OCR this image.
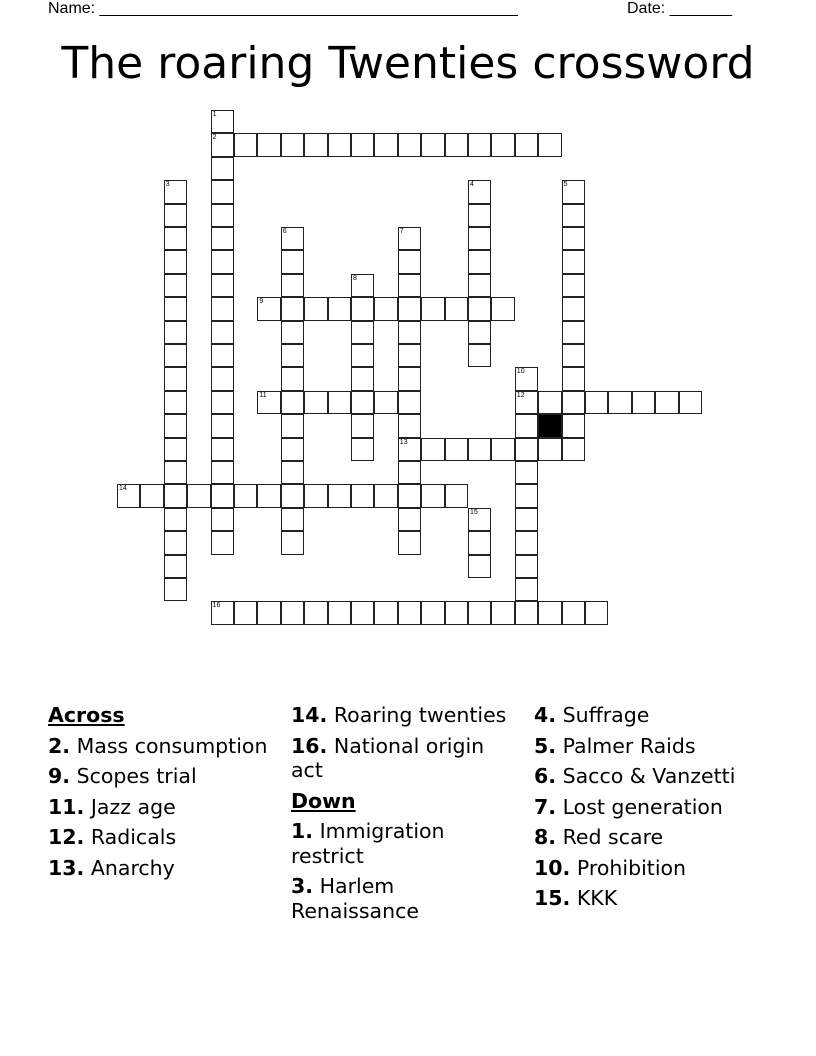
Name: _______________________________________________	Date: _______
The roaring Twenties crossword
1
2
3	4	5
6	7
13
8
9
10
12
11
14
15
16
Across
2. Mass consumption
9. Scopes trial
11. Jazz age
12. Radicals
13. Anarchy
14. Roaring twenties
16. National origin act
Down
1. Immigration restrict
3. Harlem Renaissance
4. Suffrage
5. Palmer Raids
6. Sacco & Vanzetti
7. Lost generation
8. Red scare
10. Prohibition
15. KKK
